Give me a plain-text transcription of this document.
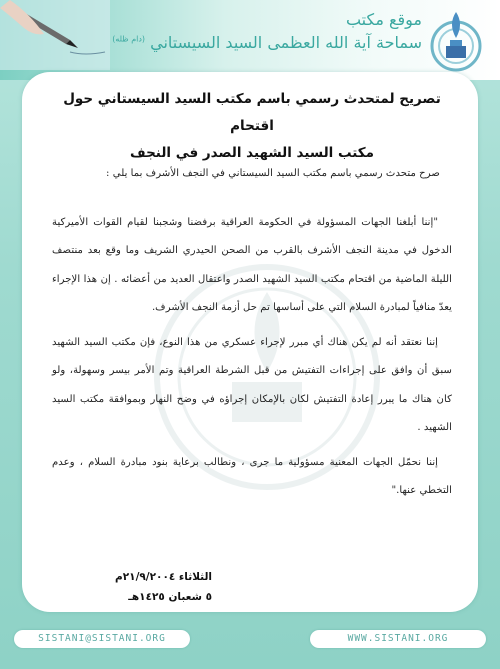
موقع مكتب
سماحة آية الله العظمى السيد السيستاني $^{(دام ظله)}$
تصريح لمتحدث رسمي باسم مكتب السيد السيستاني حول اقتحام
مكتب السيد الشهيد الصدر في النجف

صرح متحدث رسمي باسم مكتب السيد السيستاني في النجف الأشرف بما يلي :

"إننا أبلغنا الجهات المسؤولة في الحكومة العراقية برفضنا وشجبنا لقيام القوات الأميركية الدخول في مدينة النجف الأشرف بالقرب من الصحن الحيدري الشريف وما وقع بعد منتصف الليلة الماضية من اقتحام مكتب السيد الشهيد الصدر واعتقال العديد من أعضائه . إن هذا الإجراء يعدّ منافياً لمبادرة السلام التي على أساسها تم حل أزمة النجف الأشرف.

إننا نعتقد أنه لم يكن هناك أي مبرر لإجراء عسكري من هذا النوع، فإن مكتب السيد الشهيد سبق أن وافق على إجراءات التفتيش من قبل الشرطة العراقية وتم الأمر بيسر وسهولة، ولو كان هناك ما يبرر إعادة التفتيش لكان بالإمكان إجراؤه في وضح النهار وبموافقة مكتب السيد الشهيد .

إننا نحمّل الجهات المعنية مسؤولية ما جرى ، ونطالب برعاية بنود مبادرة السلام ، وعدم التخطي عنها."

الثلاثاء ٢١/٩/٢٠٠٤م
٥ شعبان ١٤٢٥هـ
SISTANI@SISTANI.ORG	WWW.SISTANI.ORG
